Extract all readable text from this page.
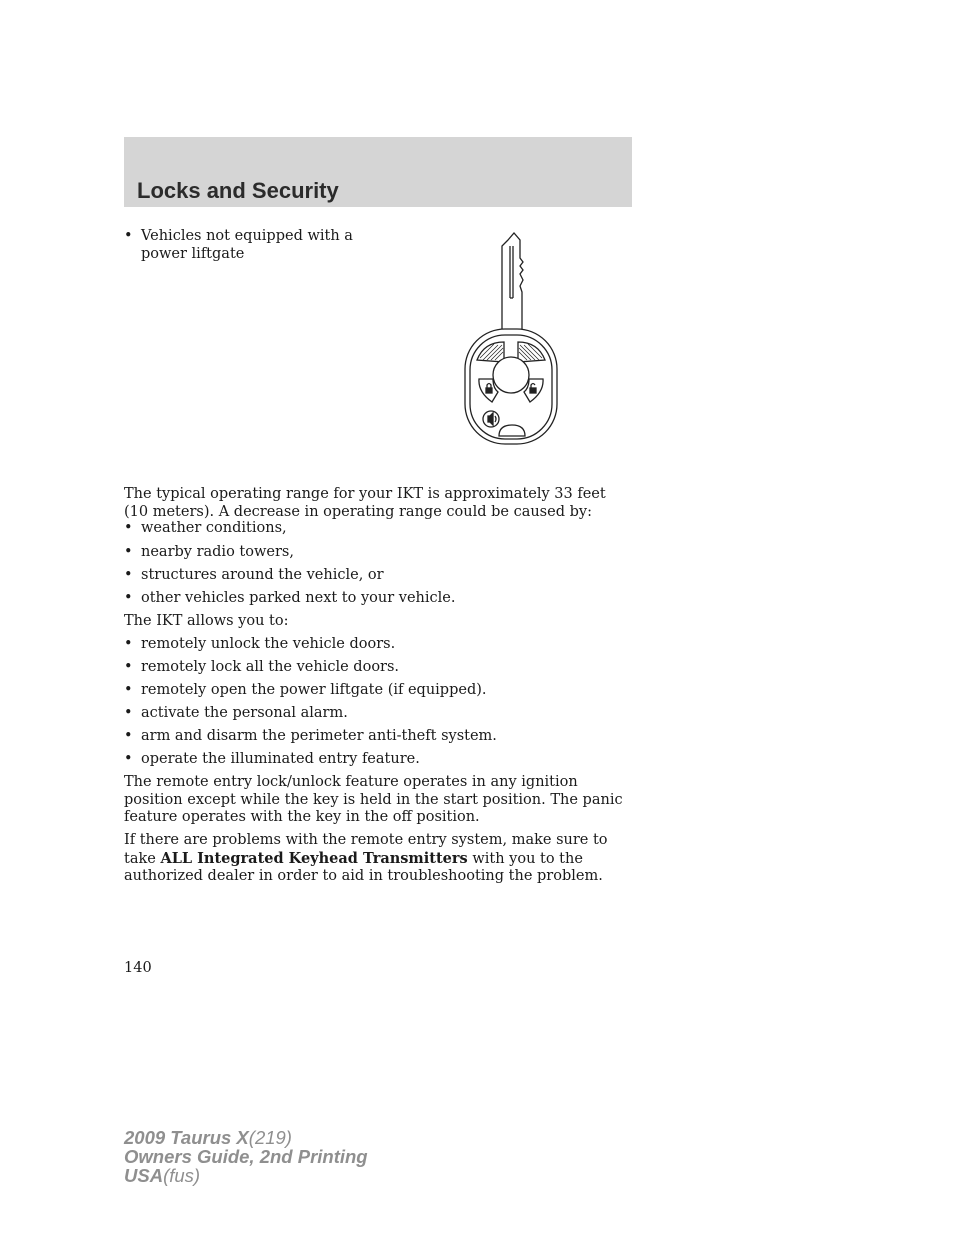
Locks and Security

• Vehicles not equipped with a power liftgate

The typical operating range for your IKT is approximately 33 feet (10 meters). A decrease in operating range could be caused by:

• weather conditions,

• nearby radio towers,

• structures around the vehicle, or

• other vehicles parked next to your vehicle.

The IKT allows you to:

• remotely unlock the vehicle doors.

• remotely lock all the vehicle doors.

• remotely open the power liftgate (if equipped).

• activate the personal alarm.

• arm and disarm the perimeter anti-theft system.

• operate the illuminated entry feature.

The remote entry lock/unlock feature operates in any ignition position except while the key is held in the start position. The panic feature operates with the key in the off position.

If there are problems with the remote entry system, make sure to take ALL Integrated Keyhead Transmitters with you to the authorized dealer in order to aid in troubleshooting the problem.

140
2009 Taurus X(219)
Owners Guide, 2nd Printing
USA(fus)
